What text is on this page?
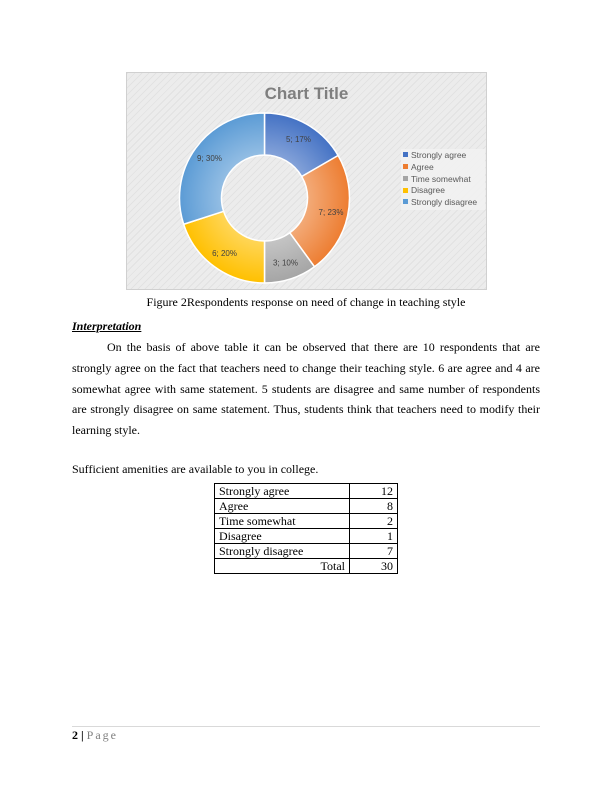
Chart Title
5; 17%
7; 23%
3; 10%
6; 20%
9; 30%	Strongly agree
Agree
Time somewhat
Disagree
Strongly disagree
Figure 2Respondents response on need of change in teaching style
Interpretation

On the basis of above table it can be observed that there are 10 respondents that are strongly agree on the fact that teachers need to change their teaching style. 6 are agree and 4 are somewhat agree with same statement. 5 students are disagree and same number of respondents are strongly disagree on same statement. Thus, students think that teachers need to modify their learning style.

Sufficient amenities are available to you in college.
Strongly agree	12
Agree	8
Time somewhat	2
Disagree	1
Strongly disagree	7
Total	30
2 | Page
